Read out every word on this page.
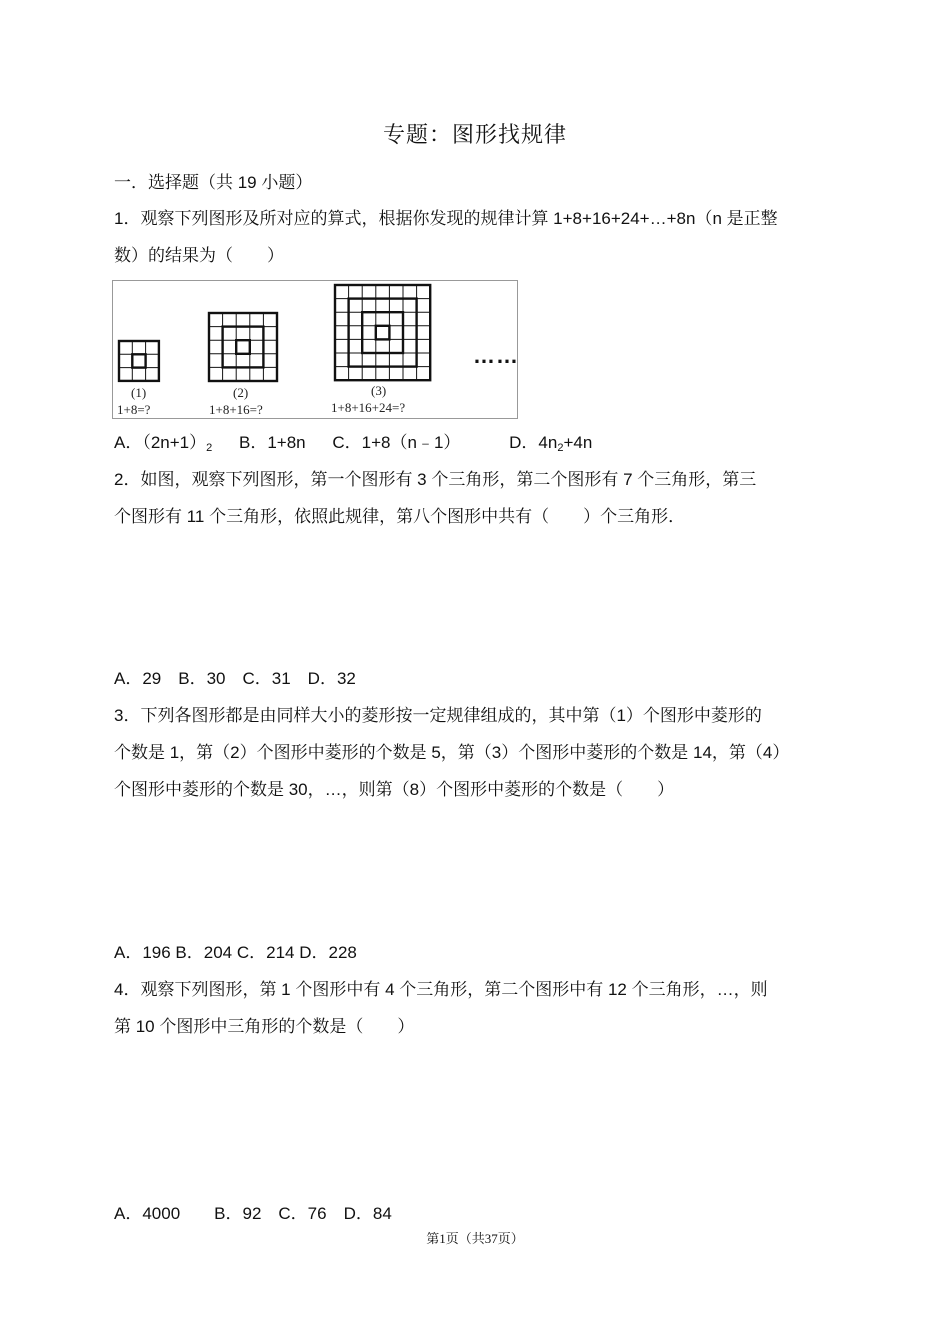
专题：图形找规律
一．选择题（共 19 小题）
1．观察下列图形及所对应的算式，根据你发现的规律计算 1+8+16+24+…+8n（n 是正整
数）的结果为（　　）
(1)
1+8=?
(2)
1+8+16=?
(3)
1+8+16+24=?
……
A．（2n+1）2 B．1+8n C．1+8（n﹣1）	D．4n2+4n
2．如图，观察下列图形，第一个图形有 3 个三角形，第二个图形有 7 个三角形，第三
个图形有 11 个三角形，依照此规律，第八个图形中共有（　　）个三角形．
A．29　B．30　C．31　D．32
3．下列各图形都是由同样大小的菱形按一定规律组成的，其中第（1）个图形中菱形的
个数是 1，第（2）个图形中菱形的个数是 5，第（3）个图形中菱形的个数是 14，第（4）
个图形中菱形的个数是 30，…，则第（8）个图形中菱形的个数是（　　）
A．196 B．204 C．214 D．228
4．观察下列图形，第 1 个图形中有 4 个三角形，第二个图形中有 12 个三角形，…，则
第 10 个图形中三角形的个数是（　　）
A．4000　　B．92　C．76　D．84
第1页（共37页）
